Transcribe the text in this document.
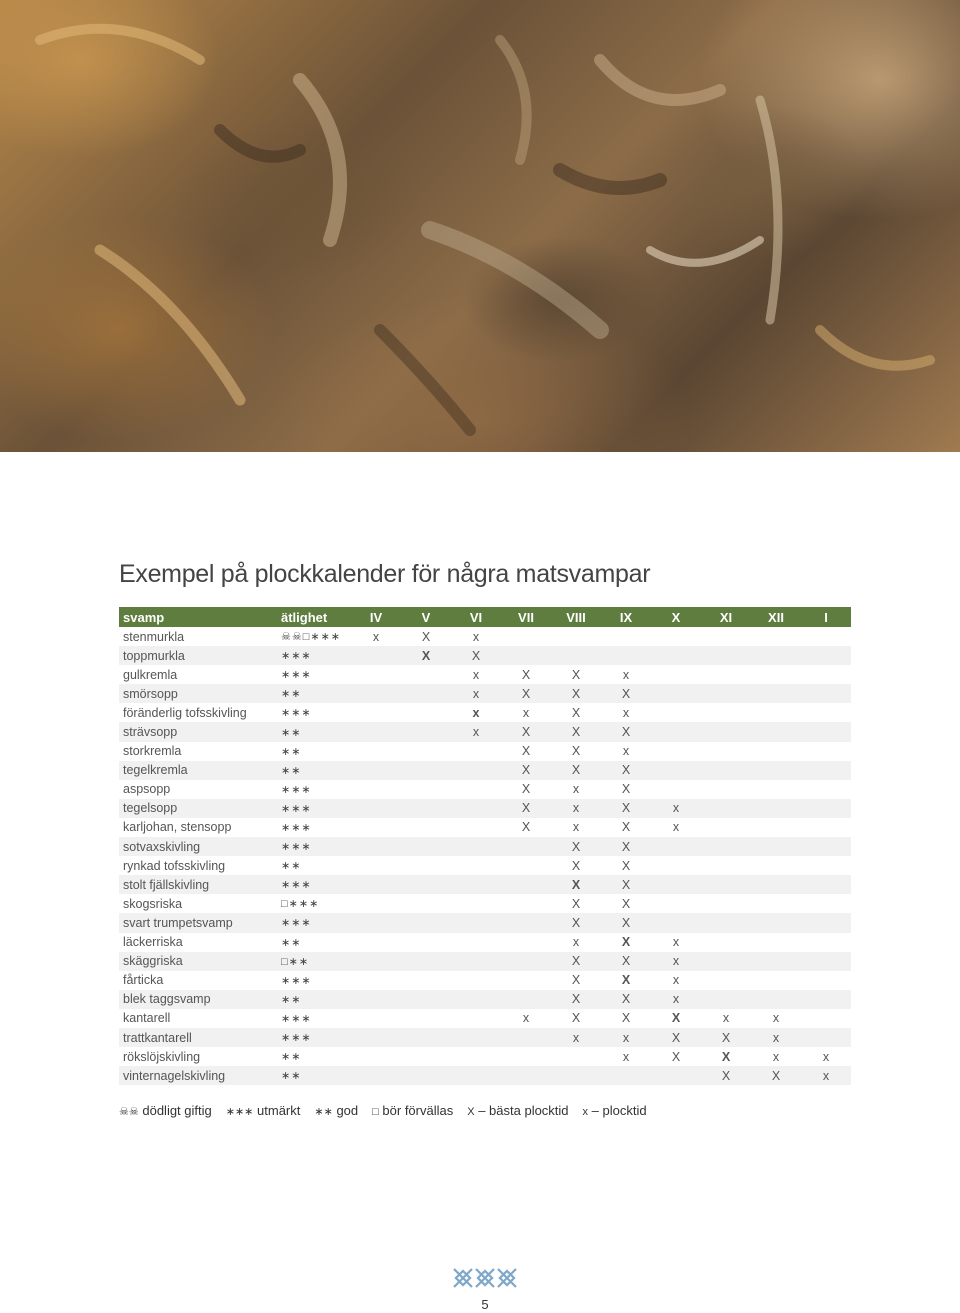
Exempel på plockkalender för några matsvampar
svamp	ätlighet	IV	V	VI	VII	VIII	IX	X	XI	XII	I
stenmurkla	☠☠□∗∗∗	x	X	x							
toppmurkla	∗∗∗		X	X							
gulkremla	∗∗∗			x	X	X	x				
smörsopp	∗∗			x	X	X	X				
föränderlig tofsskivling	∗∗∗			x	x	X	x				
strävsopp	∗∗			x	X	X	X				
storkremla	∗∗				X	X	x				
tegelkremla	∗∗				X	X	X				
aspsopp	∗∗∗				X	x	X				
tegelsopp	∗∗∗				X	x	X	x			
karljohan, stensopp	∗∗∗				X	x	X	x			
sotvaxskivling	∗∗∗					X	X				
rynkad tofsskivling	∗∗					X	X				
stolt fjällskivling	∗∗∗					X	X				
skogsriska	□∗∗∗					X	X				
svart trumpetsvamp	∗∗∗					X	X				
läckerriska	∗∗					x	X	x			
skäggriska	□∗∗					X	X	x			
fårticka	∗∗∗					X	X	x			
blek taggsvamp	∗∗					X	X	x			
kantarell	∗∗∗				x	X	X	X	x	x	
trattkantarell	∗∗∗					x	x	X	X	x	
rökslöjskivling	∗∗						x	X	X	x	x
vinternagelskivling	∗∗								X	X	x
☠☠ dödligt giftig ∗∗∗ utmärkt ∗∗ god □ bör förvällas X – bästa plocktid x – plocktid
5
